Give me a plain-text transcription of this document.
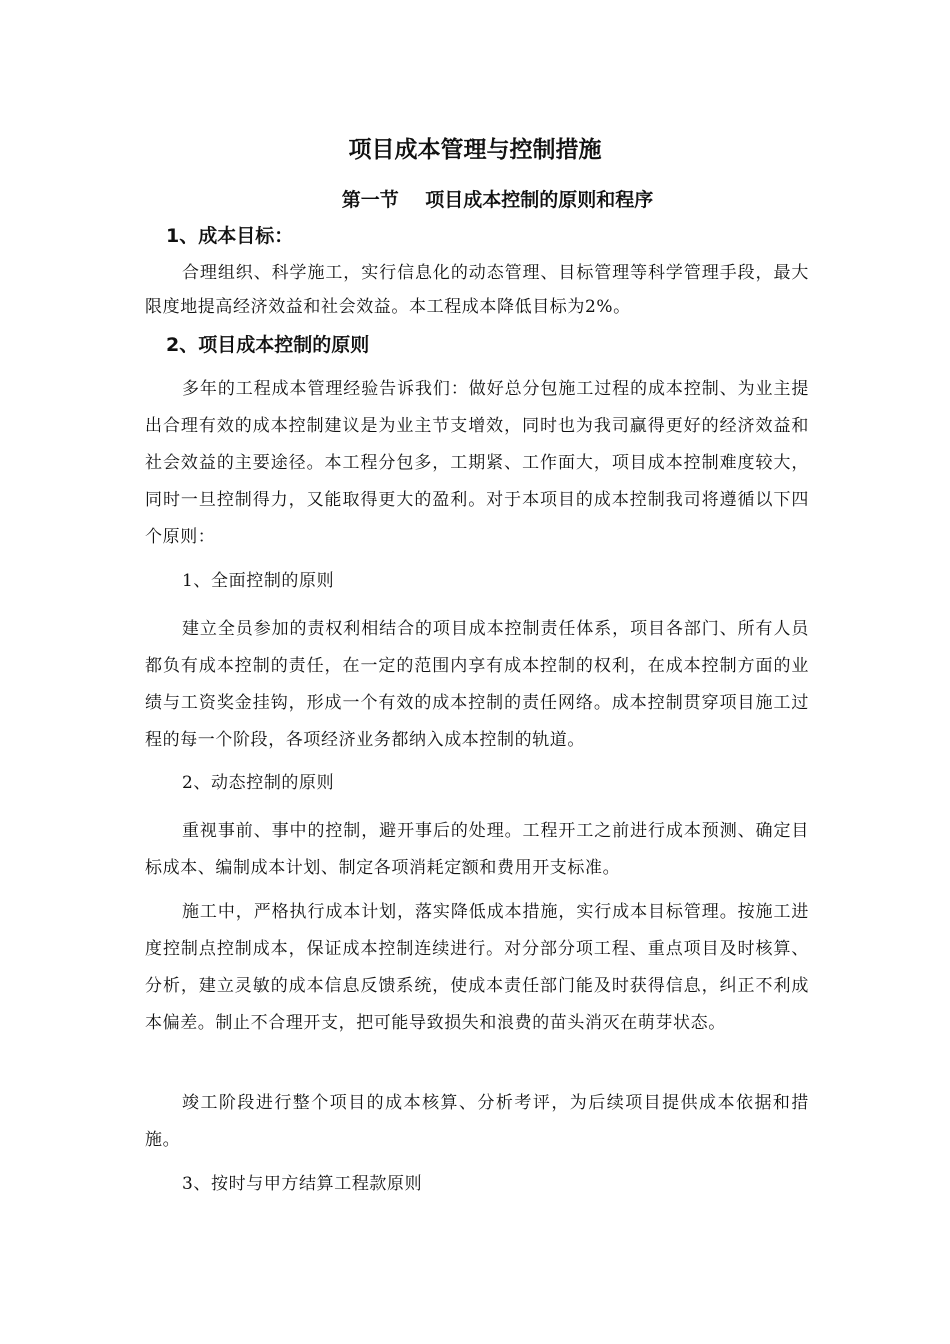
项目成本管理与控制措施
第一节    项目成本控制的原则和程序
1、成本目标：

合理组织、科学施工，实行信息化的动态管理、目标管理等科学管理手段，最大限度地提高经济效益和社会效益。本工程成本降低目标为2%。

2、项目成本控制的原则

多年的工程成本管理经验告诉我们：做好总分包施工过程的成本控制、为业主提出合理有效的成本控制建议是为业主节支增效，同时也为我司赢得更好的经济效益和社会效益的主要途径。本工程分包多，工期紧、工作面大，项目成本控制难度较大，同时一旦控制得力，又能取得更大的盈利。对于本项目的成本控制我司将遵循以下四个原则：

1、全面控制的原则

建立全员参加的责权利相结合的项目成本控制责任体系，项目各部门、所有人员都负有成本控制的责任，在一定的范围内享有成本控制的权利，在成本控制方面的业绩与工资奖金挂钩，形成一个有效的成本控制的责任网络。成本控制贯穿项目施工过程的每一个阶段，各项经济业务都纳入成本控制的轨道。

2、动态控制的原则

重视事前、事中的控制，避开事后的处理。工程开工之前进行成本预测、确定目标成本、编制成本计划、制定各项消耗定额和费用开支标准。

施工中，严格执行成本计划，落实降低成本措施，实行成本目标管理。按施工进度控制点控制成本，保证成本控制连续进行。对分部分项工程、重点项目及时核算、分析，建立灵敏的成本信息反馈系统，使成本责任部门能及时获得信息，纠正不利成本偏差。制止不合理开支，把可能导致损失和浪费的苗头消灭在萌芽状态。

竣工阶段进行整个项目的成本核算、分析考评，为后续项目提供成本依据和措施。

3、按时与甲方结算工程款原则
